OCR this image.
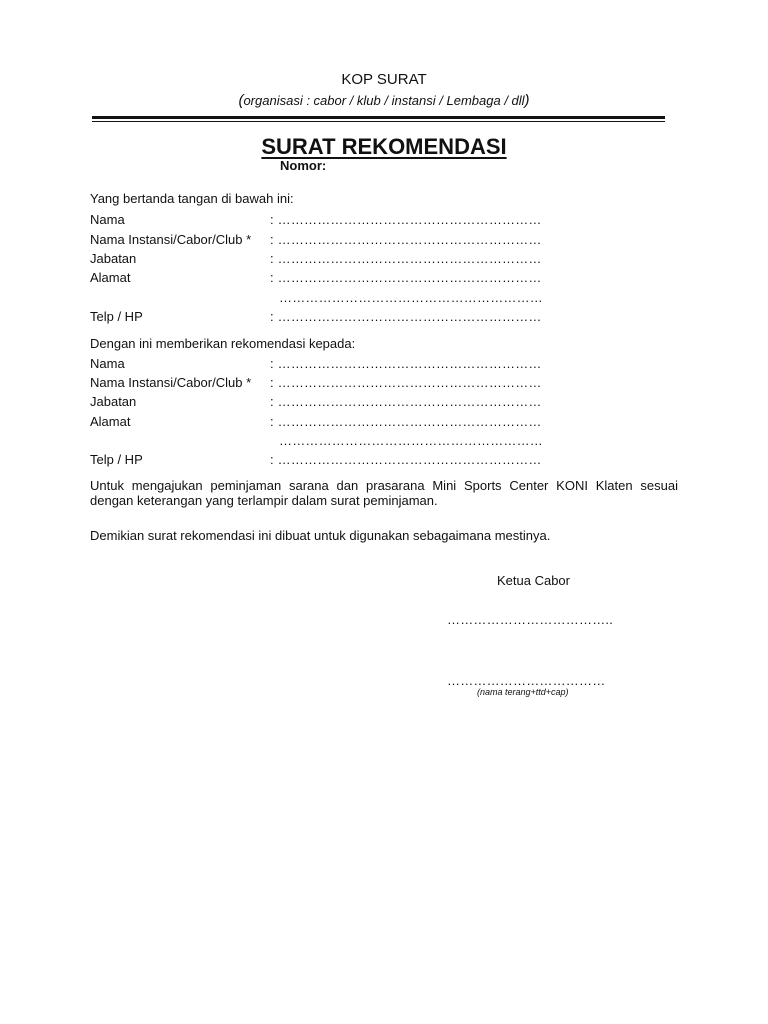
KOP SURAT
(organisasi : cabor / klub / instansi / Lembaga / dll)
SURAT REKOMENDASI
Nomor:
Yang bertanda tangan di bawah ini:
Nama	: ……………………………………………………
Nama Instansi/Cabor/Club * : ……………………………………………………
Jabatan	: ……………………………………………………
Alamat	: ……………………………………………………
……………………………………………………
Telp / HP	: ……………………………………………………
Dengan ini memberikan rekomendasi kepada:
Nama	: ……………………………………………………
Nama Instansi/Cabor/Club * : ……………………………………………………
Jabatan	: ……………………………………………………
Alamat	: ……………………………………………………
……………………………………………………
Telp / HP	: ……………………………………………………
Untuk mengajukan peminjaman sarana dan prasarana Mini Sports Center KONI Klaten sesuai
dengan keterangan yang terlampir dalam surat peminjaman.
Demikian surat rekomendasi ini dibuat untuk digunakan sebagaimana mestinya.
Ketua Cabor
………………………………..
………………………………
(nama terang+ttd+cap)
